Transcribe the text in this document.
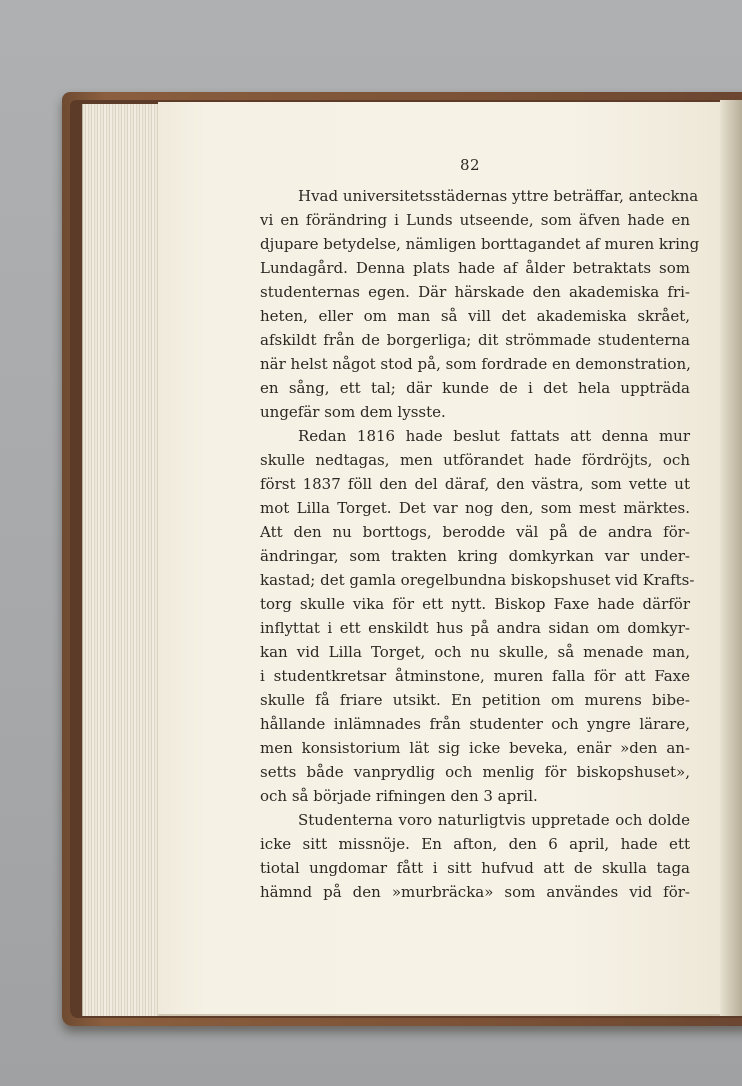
82
Hvad universitetsstädernas yttre beträffar, anteckna
vi en förändring i Lunds utseende, som äfven hade en
djupare betydelse, nämligen borttagandet af muren kring
Lundagård. Denna plats hade af ålder betraktats som
studenternas egen. Där härskade den akademiska fri-
heten, eller om man så vill det akademiska skrået,
afskildt från de borgerliga; dit strömmade studenterna
när helst något stod på, som fordrade en demonstration,
en sång, ett tal; där kunde de i det hela uppträda
ungefär som dem lysste.
Redan 1816 hade beslut fattats att denna mur
skulle nedtagas, men utförandet hade fördröjts, och
först 1837 föll den del däraf, den västra, som vette ut
mot Lilla Torget. Det var nog den, som mest märktes.
Att den nu borttogs, berodde väl på de andra för-
ändringar, som trakten kring domkyrkan var under-
kastad; det gamla oregelbundna biskopshuset vid Krafts-
torg skulle vika för ett nytt. Biskop Faxe hade därför
inflyttat i ett enskildt hus på andra sidan om domkyr-
kan vid Lilla Torget, och nu skulle, så menade man,
i studentkretsar åtminstone, muren falla för att Faxe
skulle få friare utsikt. En petition om murens bibe-
hållande inlämnades från studenter och yngre lärare,
men konsistorium lät sig icke beveka, enär »den an-
setts både vanprydlig och menlig för biskopshuset»,
och så började rifningen den 3 april.
Studenterna voro naturligtvis uppretade och dolde
icke sitt missnöje. En afton, den 6 april, hade ett
tiotal ungdomar fått i sitt hufvud att de skulla taga
hämnd på den »murbräcka» som användes vid för-
